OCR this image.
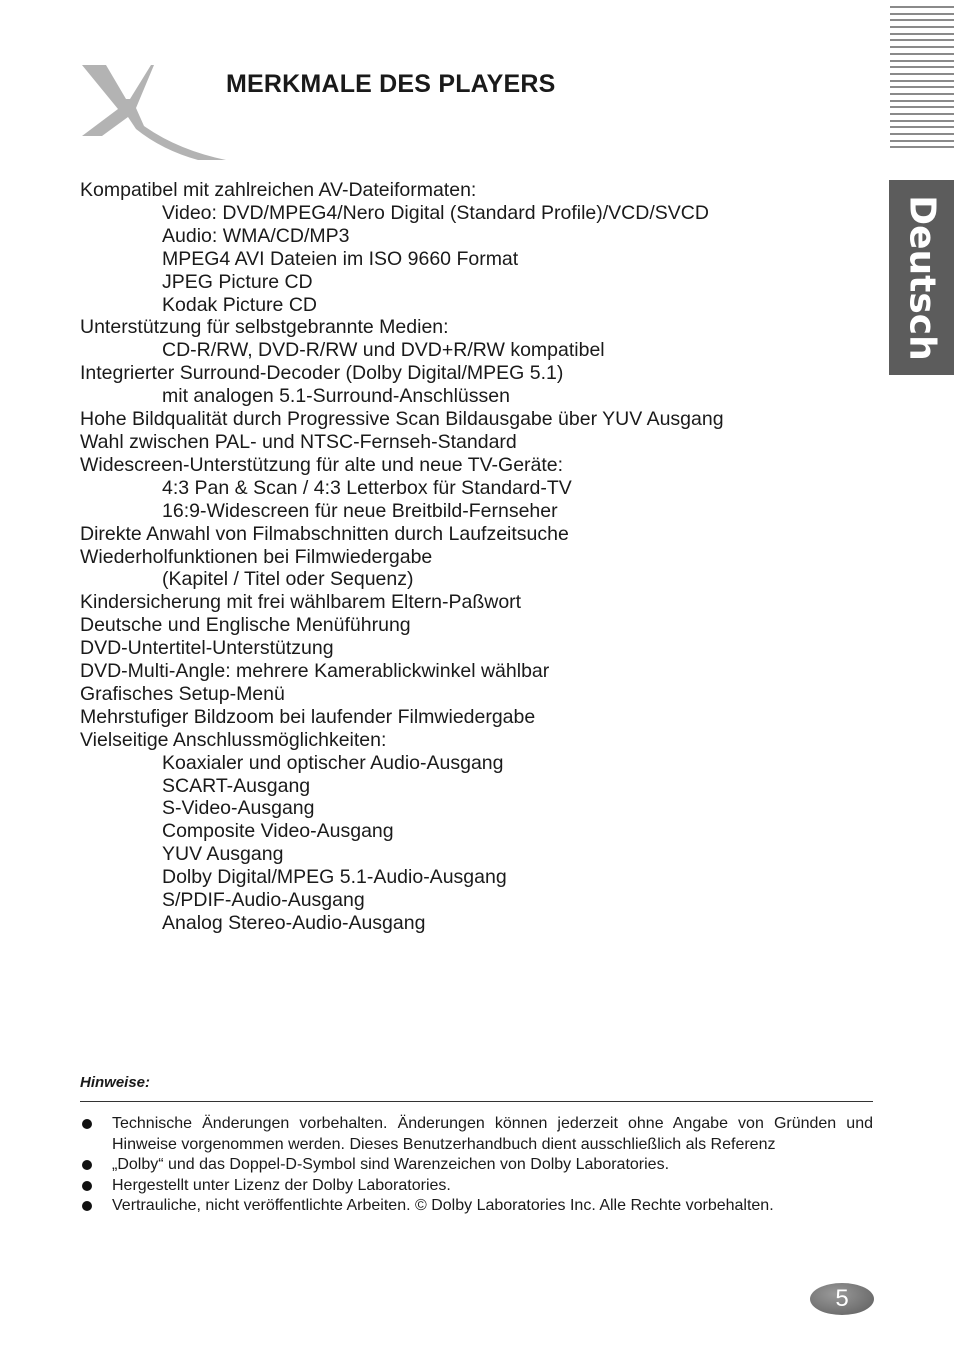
MERKMALE DES PLAYERS
Deutsch
Kompatibel mit zahlreichen AV-Dateiformaten:
Video: DVD/MPEG4/Nero Digital (Standard Profile)/VCD/SVCD
Audio: WMA/CD/MP3
MPEG4 AVI Dateien im ISO 9660 Format
JPEG Picture CD
Kodak Picture CD
Unterstützung für selbstgebrannte Medien:
CD-R/RW, DVD-R/RW und DVD+R/RW kompatibel
Integrierter Surround-Decoder (Dolby Digital/MPEG 5.1)
mit analogen 5.1-Surround-Anschlüssen
Hohe Bildqualität durch Progressive Scan Bildausgabe über YUV Ausgang
Wahl zwischen PAL- und NTSC-Fernseh-Standard
Widescreen-Unterstützung für alte und neue TV-Geräte:
4:3 Pan & Scan / 4:3 Letterbox für Standard-TV
16:9-Widescreen für neue Breitbild-Fernseher
Direkte Anwahl von Filmabschnitten durch Laufzeitsuche
Wiederholfunktionen bei Filmwiedergabe
(Kapitel / Titel oder Sequenz)
Kindersicherung mit frei wählbarem Eltern-Paßwort
Deutsche und Englische Menüführung
DVD-Untertitel-Unterstützung
DVD-Multi-Angle: mehrere Kamerablickwinkel wählbar
Grafisches Setup-Menü
Mehrstufiger Bildzoom bei laufender Filmwiedergabe
Vielseitige Anschlussmöglichkeiten:
Koaxialer und optischer Audio-Ausgang
SCART-Ausgang
S-Video-Ausgang
Composite Video-Ausgang
YUV Ausgang
Dolby Digital/MPEG 5.1-Audio-Ausgang
S/PDIF-Audio-Ausgang
Analog Stereo-Audio-Ausgang
Hinweise:
Technische Änderungen vorbehalten. Änderungen können jederzeit ohne Angabe von Gründen und Hinweise vorgenommen werden. Dieses Benutzerhandbuch dient ausschließlich als Referenz
„Dolby“ und das Doppel-D-Symbol sind Warenzeichen von Dolby Laboratories.
Hergestellt unter Lizenz der Dolby Laboratories.
Vertrauliche, nicht veröffentlichte Arbeiten. © Dolby Laboratories Inc. Alle Rechte vorbehalten.
5
